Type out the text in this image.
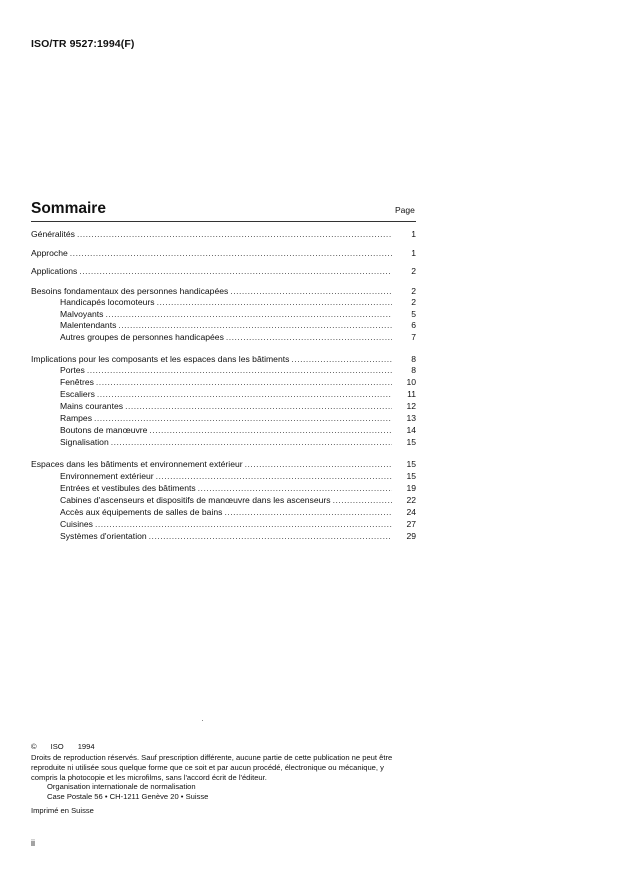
ISO/TR 9527:1994(F)
Sommaire	Page
Généralités .....	1
Approche .....	1
Applications .....	2
Besoins fondamentaux des personnes handicapées .....	2
Handicapés locomoteurs .....	2
Malvoyants .....	5
Malentendants .....	6
Autres groupes de personnes handicapées .....	7
Implications pour les composants et les espaces dans les bâtiments .....	8
Portes .....	8
Fenêtres .....	10
Escaliers .....	11
Mains courantes .....	12
Rampes .....	13
Boutons de manœuvre .....	14
Signalisation .....	15
Espaces dans les bâtiments et environnement extérieur .....	15
Environnement extérieur .....	15
Entrées et vestibules des bâtiments .....	19
Cabines d'ascenseurs et dispositifs de manœuvre dans les ascenseurs .....	22
Accès aux équipements de salles de bains .....	24
Cuisines .....	27
Systèmes d'orientation .....	29
© ISO 1994
Droits de reproduction réservés. Sauf prescription différente, aucune partie de cette publication ne peut être reproduite ni utilisée sous quelque forme que ce soit et par aucun procédé, électronique ou mécanique, y compris la photocopie et les microfilms, sans l'accord écrit de l'éditeur.
Organisation internationale de normalisation
Case Postale 56 • CH-1211 Genève 20 • Suisse
Imprimé en Suisse
ii
